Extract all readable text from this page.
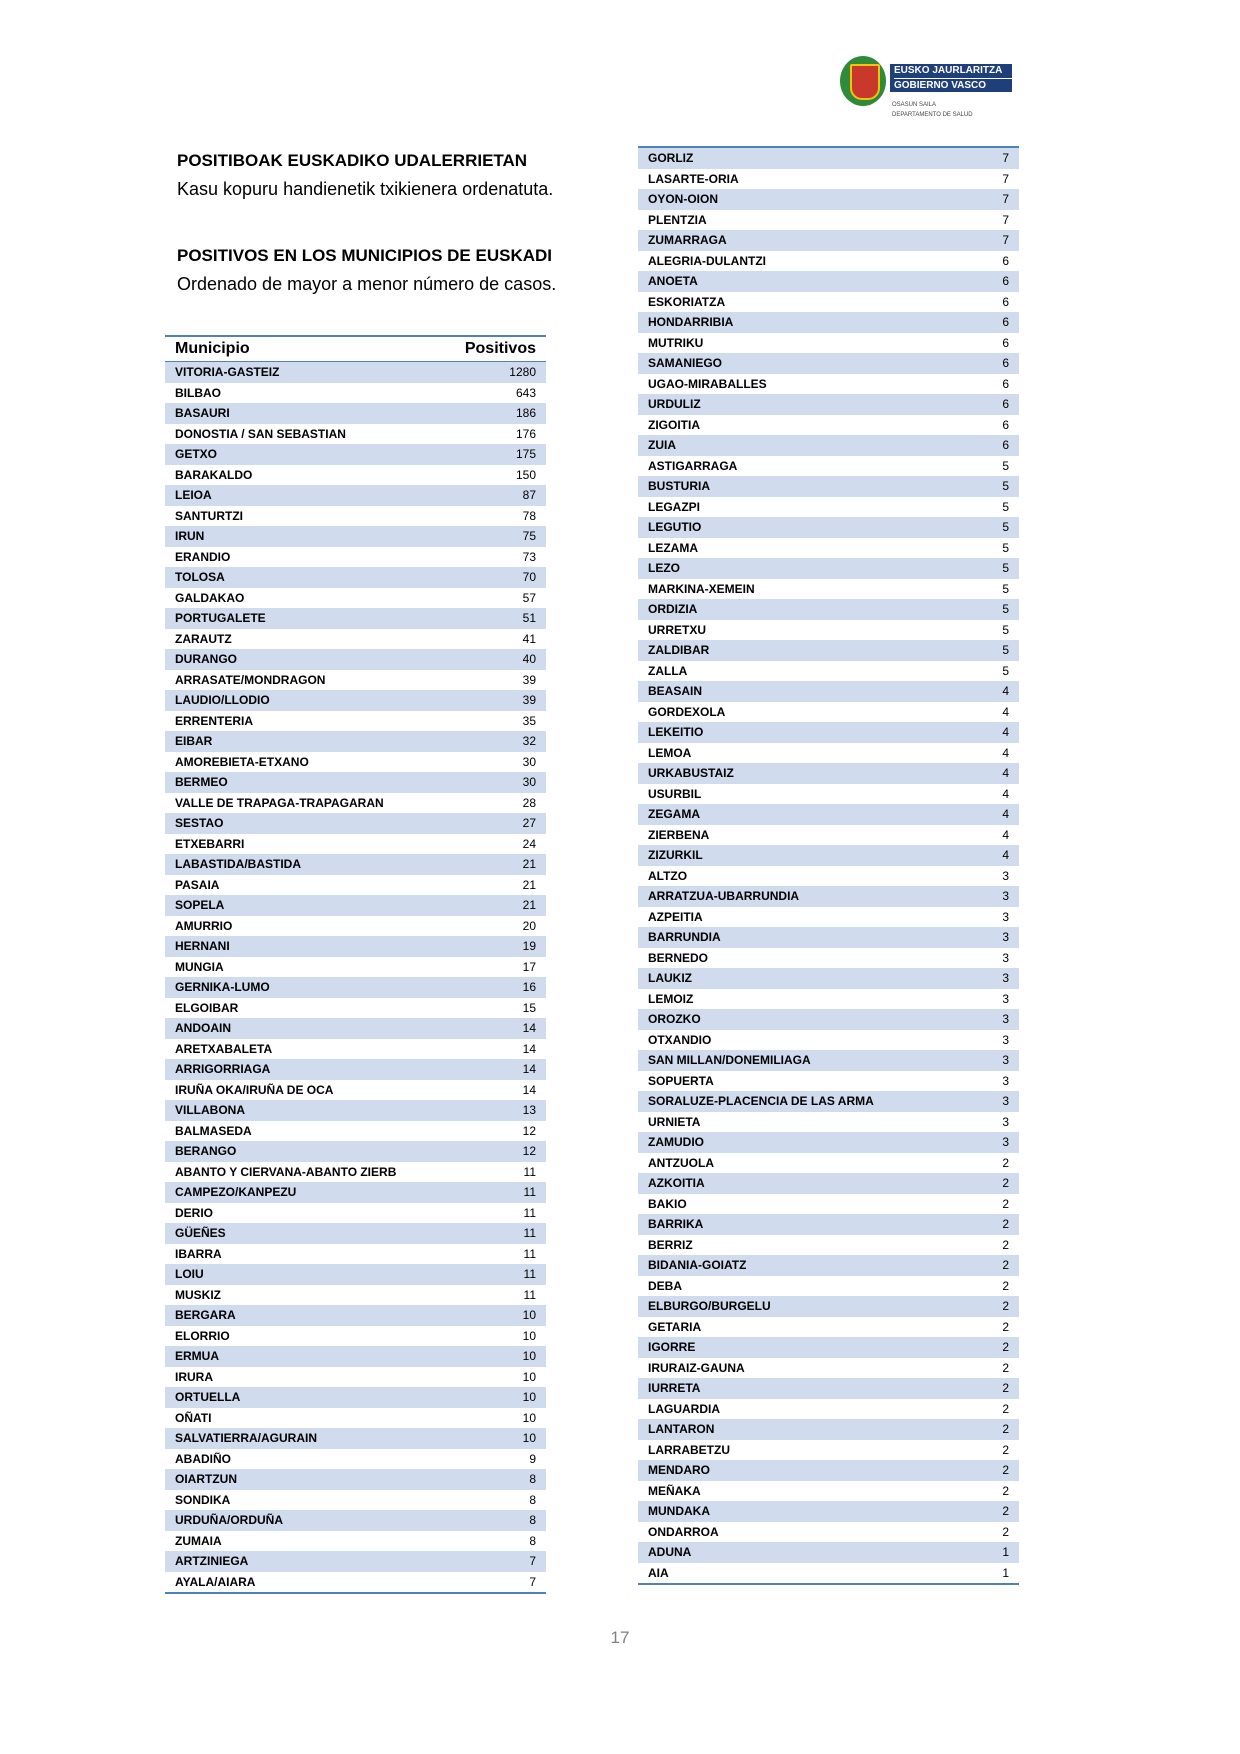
EUSKO JAURLARITZA
GOBIERNO VASCO
OSASUN SAILA
DEPARTAMENTO DE SALUD
POSITIBOAK EUSKADIKO UDALERRIETAN
Kasu kopuru handienetik txikienera ordenatuta.
POSITIVOS EN LOS MUNICIPIOS DE EUSKADI
Ordenado de mayor a menor número de casos.
Municipio	Positivos
VITORIA-GASTEIZ	1280
BILBAO	643
BASAURI	186
DONOSTIA / SAN SEBASTIAN	176
GETXO	175
BARAKALDO	150
LEIOA	87
SANTURTZI	78
IRUN	75
ERANDIO	73
TOLOSA	70
GALDAKAO	57
PORTUGALETE	51
ZARAUTZ	41
DURANGO	40
ARRASATE/MONDRAGON	39
LAUDIO/LLODIO	39
ERRENTERIA	35
EIBAR	32
AMOREBIETA-ETXANO	30
BERMEO	30
VALLE DE TRAPAGA-TRAPAGARAN	28
SESTAO	27
ETXEBARRI	24
LABASTIDA/BASTIDA	21
PASAIA	21
SOPELA	21
AMURRIO	20
HERNANI	19
MUNGIA	17
GERNIKA-LUMO	16
ELGOIBAR	15
ANDOAIN	14
ARETXABALETA	14
ARRIGORRIAGA	14
IRUÑA OKA/IRUÑA DE OCA	14
VILLABONA	13
BALMASEDA	12
BERANGO	12
ABANTO Y CIERVANA-ABANTO ZIERB	11
CAMPEZO/KANPEZU	11
DERIO	11
GÜEÑES	11
IBARRA	11
LOIU	11
MUSKIZ	11
BERGARA	10
ELORRIO	10
ERMUA	10
IRURA	10
ORTUELLA	10
OÑATI	10
SALVATIERRA/AGURAIN	10
ABADIÑO	9
OIARTZUN	8
SONDIKA	8
URDUÑA/ORDUÑA	8
ZUMAIA	8
ARTZINIEGA	7
AYALA/AIARA	7
GORLIZ	7
LASARTE-ORIA	7
OYON-OION	7
PLENTZIA	7
ZUMARRAGA	7
ALEGRIA-DULANTZI	6
ANOETA	6
ESKORIATZA	6
HONDARRIBIA	6
MUTRIKU	6
SAMANIEGO	6
UGAO-MIRABALLES	6
URDULIZ	6
ZIGOITIA	6
ZUIA	6
ASTIGARRAGA	5
BUSTURIA	5
LEGAZPI	5
LEGUTIO	5
LEZAMA	5
LEZO	5
MARKINA-XEMEIN	5
ORDIZIA	5
URRETXU	5
ZALDIBAR	5
ZALLA	5
BEASAIN	4
GORDEXOLA	4
LEKEITIO	4
LEMOA	4
URKABUSTAIZ	4
USURBIL	4
ZEGAMA	4
ZIERBENA	4
ZIZURKIL	4
ALTZO	3
ARRATZUA-UBARRUNDIA	3
AZPEITIA	3
BARRUNDIA	3
BERNEDO	3
LAUKIZ	3
LEMOIZ	3
OROZKO	3
OTXANDIO	3
SAN MILLAN/DONEMILIAGA	3
SOPUERTA	3
SORALUZE-PLACENCIA DE LAS ARMA	3
URNIETA	3
ZAMUDIO	3
ANTZUOLA	2
AZKOITIA	2
BAKIO	2
BARRIKA	2
BERRIZ	2
BIDANIA-GOIATZ	2
DEBA	2
ELBURGO/BURGELU	2
GETARIA	2
IGORRE	2
IRURAIZ-GAUNA	2
IURRETA	2
LAGUARDIA	2
LANTARON	2
LARRABETZU	2
MENDARO	2
MEÑAKA	2
MUNDAKA	2
ONDARROA	2
ADUNA	1
AIA	1
17
